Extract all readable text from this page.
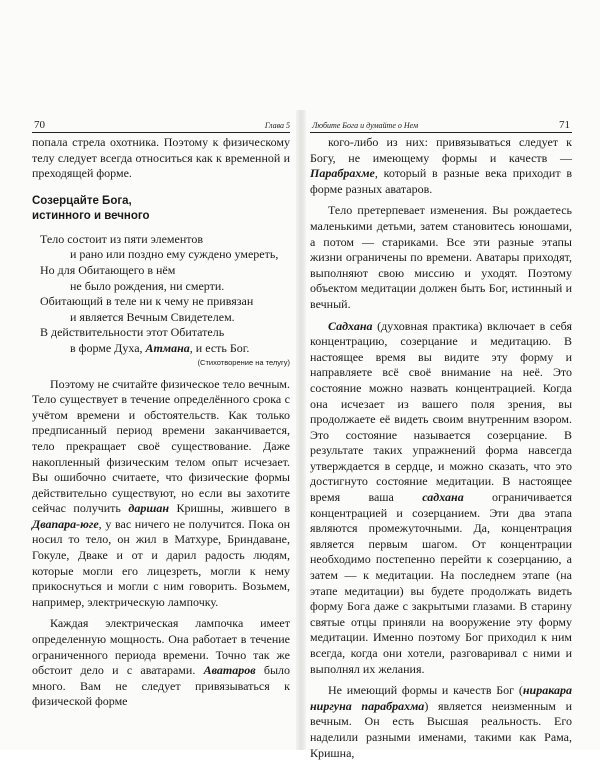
70	Глава 5

попала стрела охотника. Поэтому к физическому телу следует всегда относиться как к временной и преходящей форме.

Созерцайте Бога,
истинного и вечного
Тело состоит из пяти элементов
и рано или поздно ему суждено умереть,
Но для Обитающего в нём
не было рождения, ни смерти.
Обитающий в теле ни к чему не привязан
и является Вечным Свидетелем.
В действительности этот Обитатель
в форме Духа, Атмана, и есть Бог.
(Стихотворение на телугу)

Поэтому не считайте физическое тело вечным. Тело существует в течение определённого срока с учётом времени и обстоятельств. Как только предписанный период времени заканчивается, тело прекращает своё существование. Даже накопленный физическим телом опыт исчезает. Вы ошибочно считаете, что физические формы действительно существуют, но если вы захотите сейчас получить даршан Кришны, жившего в Двапара-юге, у вас ничего не получится. Пока он носил то тело, он жил в Матхуре, Бриндаване, Гокуле, Дваке и от и дарил радость людям, которые могли его лицезреть, могли к нему прикоснуться и могли с ним говорить. Возьмем, например, электрическую лампочку.

Каждая электрическая лампочка имеет определенную мощность. Она работает в течение ограниченного периода времени. Точно так же обстоит дело и с аватарами. Аватаров было много. Вам не следует привязываться к физической форме

Любите Бога и думайте о Нем	71

кого-либо из них: привязываться следует к Богу, не имеющему формы и качеств — Парабрахме, который в разные века приходит в форме разных аватаров.

Тело претерпевает изменения. Вы рождаетесь маленькими детьми, затем становитесь юношами, а потом — стариками. Все эти разные этапы жизни ограничены по времени. Аватары приходят, выполняют свою миссию и уходят. Поэтому объектом медитации должен быть Бог, истинный и вечный.

Садхана (духовная практика) включает в себя концентрацию, созерцание и медитацию. В настоящее время вы видите эту форму и направляете всё своё внимание на неё. Это состояние можно назвать концентрацией. Когда она исчезает из вашего поля зрения, вы продолжаете её видеть своим внутренним взором. Это состояние называется созерцание. В результате таких упражнений форма навсегда утверждается в сердце, и можно сказать, что это достигнуто состояние медитации. В настоящее время ваша садхана ограничивается концентрацией и созерцанием. Эти два этапа являются промежуточными. Да, концентрация является первым шагом. От концентрации необходимо постепенно перейти к созерцанию, а затем — к медитации. На последнем этапе (на этапе медитации) вы будете продолжать видеть форму Бога даже с закрытыми глазами. В старину святые отцы приняли на вооружение эту форму медитации. Именно поэтому Бог приходил к ним всегда, когда они хотели, разговаривал с ними и выполнял их желания.

Не имеющий формы и качеств Бог (ниракара ниргуна парабрахма) является неизменным и вечным. Он есть Высшая реальность. Его наделили разными именами, такими как Рама, Кришна,
